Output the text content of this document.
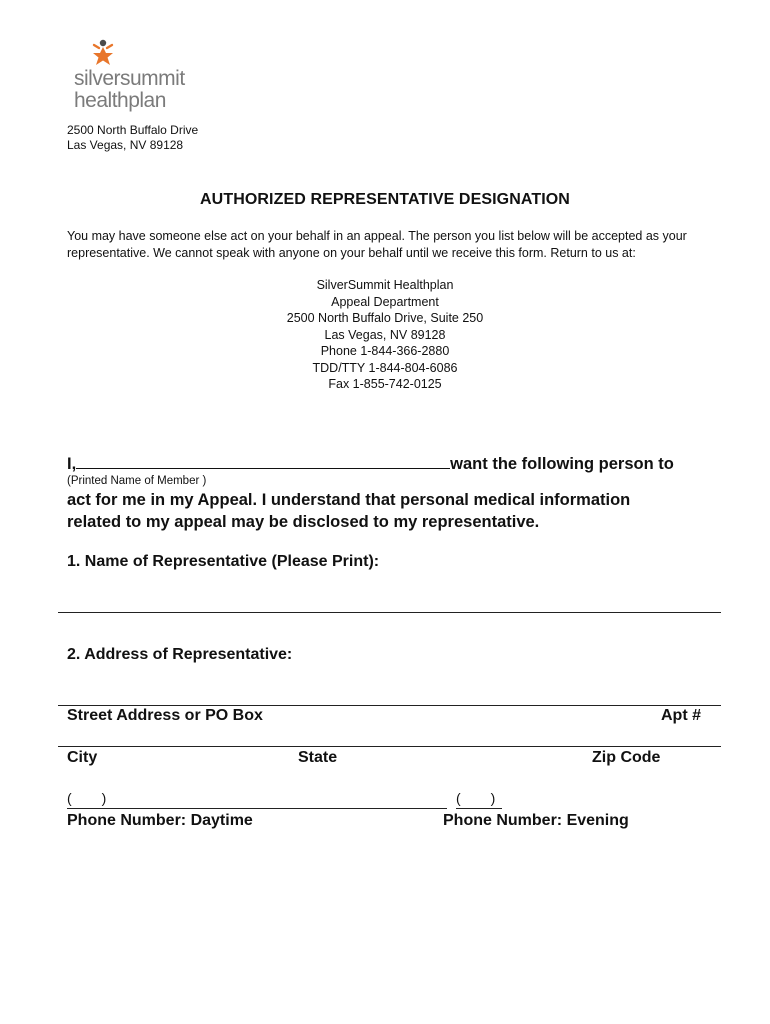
silversummit
healthplan
2500 North Buffalo Drive
Las Vegas, NV 89128
AUTHORIZED REPRESENTATIVE DESIGNATION
You may have someone else act on your behalf in an appeal. The person you list below will be accepted as your representative. We cannot speak with anyone on your behalf until we receive this form. Return to us at:
SilverSummit Healthplan
Appeal Department
2500 North Buffalo Drive, Suite 250
Las Vegas, NV 89128
Phone 1-844-366-2880
TDD/TTY 1-844-804-6086
Fax 1-855-742-0125
I,	want the following person to
(Printed Name of Member )
act for me in my Appeal. I understand that personal medical information
related to my appeal may be disclosed to my representative.
1. Name of Representative (Please Print):
2. Address of Representative:
Street Address or PO Box	Apt #
City	State	Zip Code
( )	( )
Phone Number: Daytime	Phone Number: Evening
